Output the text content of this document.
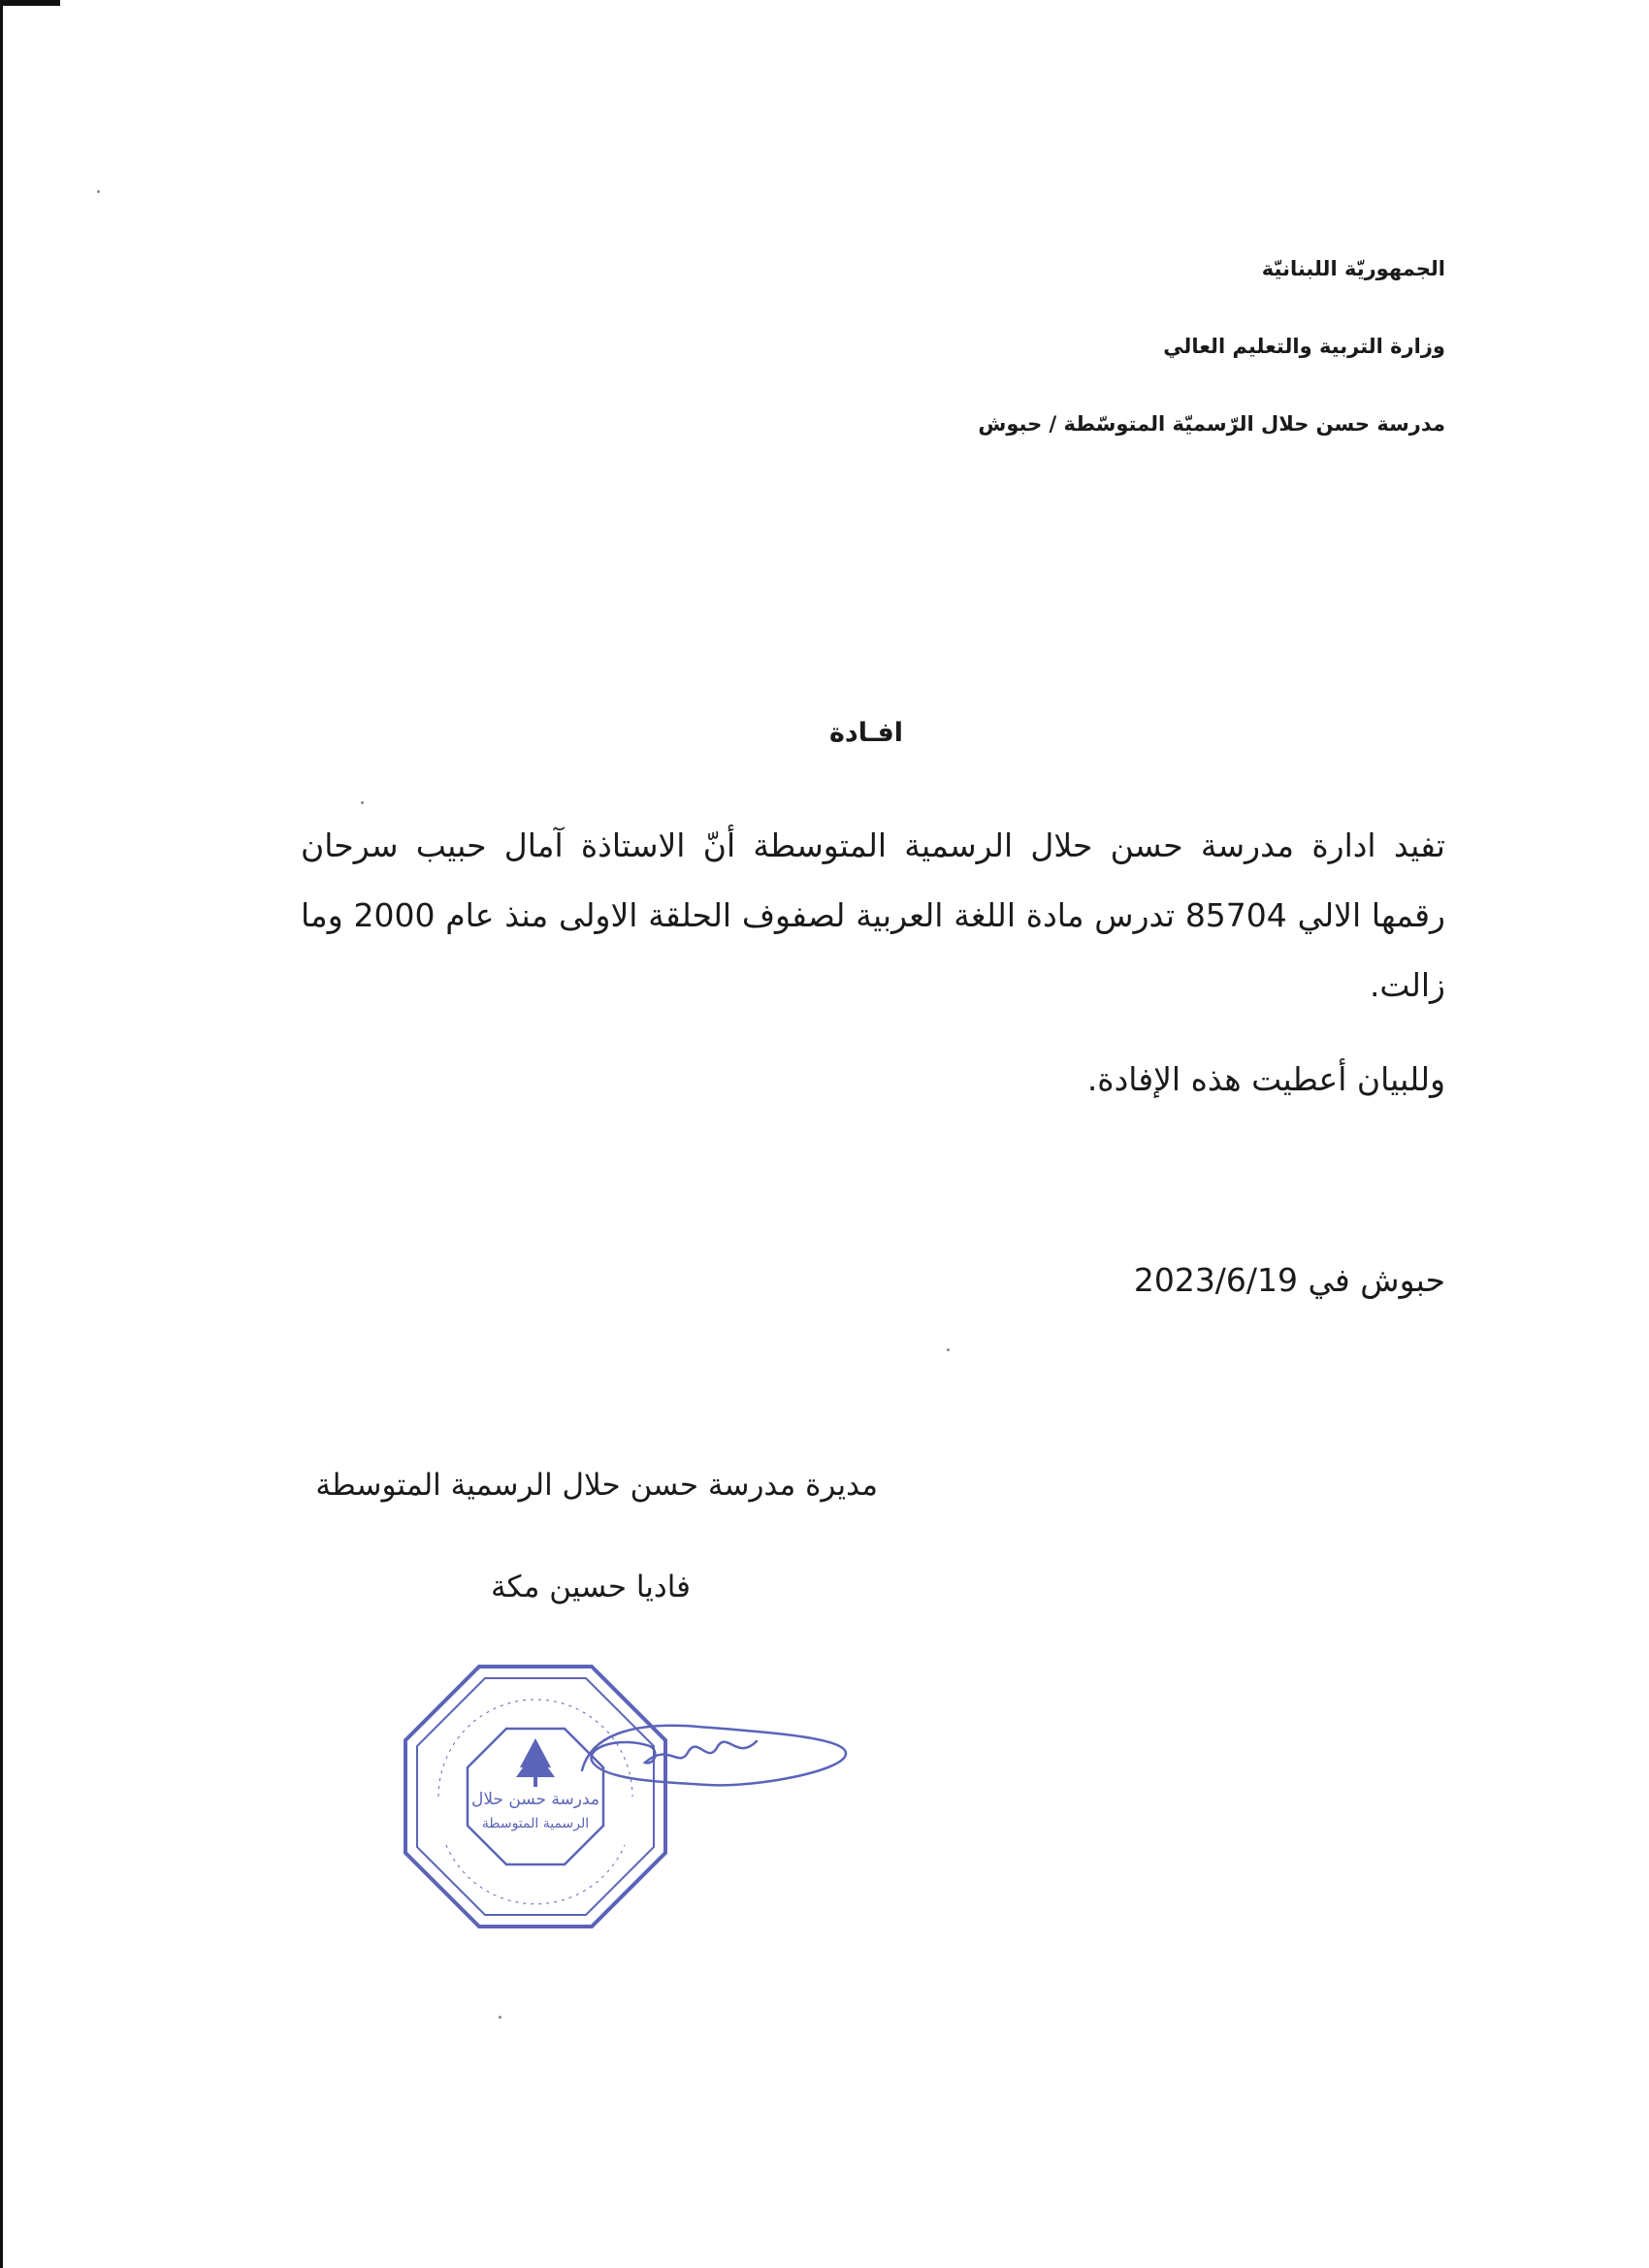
الجمهوريّة اللبنانيّة
وزارة التربية والتعليم العالي
مدرسة حسن حلال الرّسميّة المتوسّطة / حبوش
افـادة
تفيد ادارة مدرسة حسن حلال الرسمية المتوسطة أنّ الاستاذة آمال حبيب سرحان رقمها الالي 85704 تدرس مادة اللغة العربية لصفوف الحلقة الاولى منذ عام 2000 وما زالت.
وللبيان أعطيت هذه الإفادة.
حبوش في 2023/6/19
مديرة مدرسة حسن حلال الرسمية المتوسطة
فاديا حسين مكة
مدرسة حسن حلال
الرسمية المتوسطة
